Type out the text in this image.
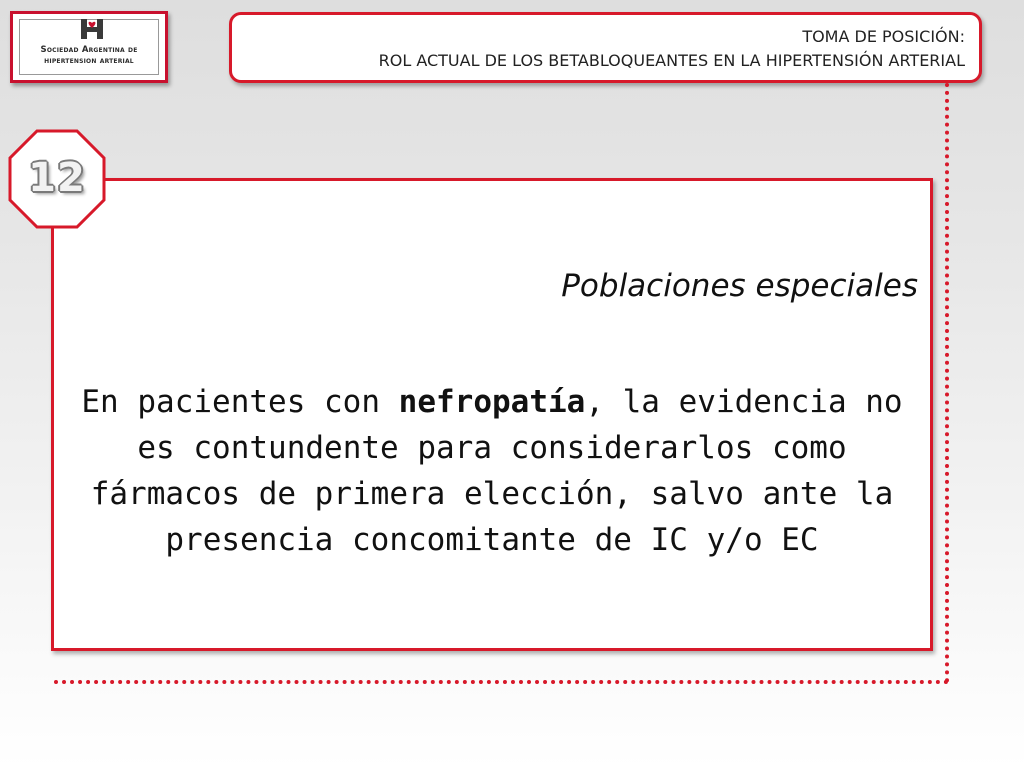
Sociedad Argentina de
hipertension arterial
TOMA DE POSICIÓN:
ROL ACTUAL DE LOS BETABLOQUEANTES EN LA HIPERTENSIÓN ARTERIAL
Poblaciones especiales
En pacientes con nefropatía, la evidencia no es contundente para considerarlos como fármacos de primera elección, salvo ante la presencia concomitante de IC y/o EC
12
